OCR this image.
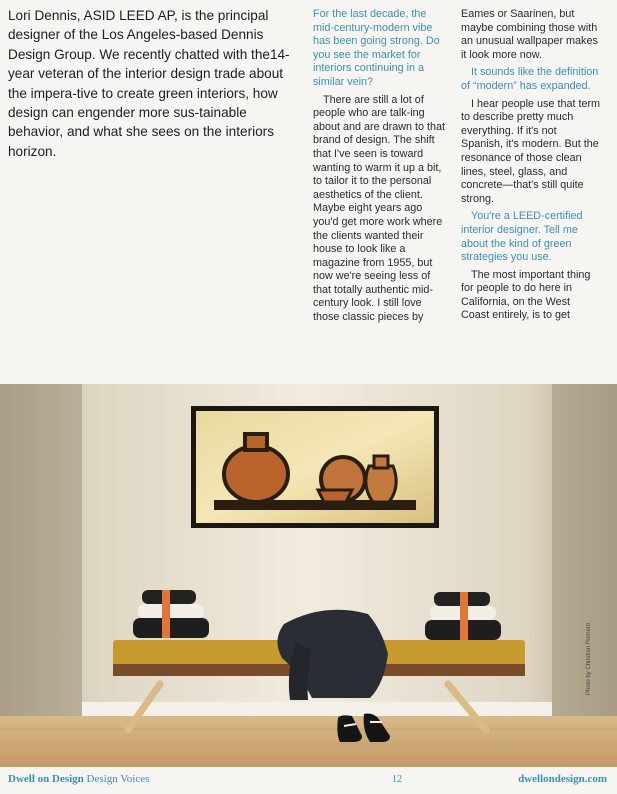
Lori Dennis, ASID LEED AP, is the principal designer of the Los Angeles-based Dennis Design Group. We recently chatted with the14-year veteran of the interior design trade about the impera-tive to create green interiors, how design can engender more sus-tainable behavior, and what she sees on the interiors horizon.

For the last decade, the mid-century-modern vibe has been going strong. Do you see the market for interiors continuing in a similar vein?

There are still a lot of people who are talk-ing about and are drawn to that brand of design. The shift that I've seen is toward wanting to warm it up a bit, to tailor it to the personal aesthetics of the client. Maybe eight years ago you'd get more work where the clients wanted their house to look like a magazine from 1955, but now we're seeing less of that totally authentic mid-century look. I still love those classic pieces by

Eames or Saarinen, but maybe combining those with an unusual wallpaper makes it look more now.

It sounds like the definition of “modern” has expanded.

I hear people use that term to describe pretty much everything. If it's not Spanish, it's modern. But the resonance of those clean lines, steel, glass, and concrete—that's still quite strong.

You're a LEED-certified interior designer. Tell me about the kind of green strategies you use.

The most important thing for people to do here in California, on the West Coast entirely, is to get

Photo by Christian Romero
Dwell on Design Design Voices	12	dwellondesign.com
